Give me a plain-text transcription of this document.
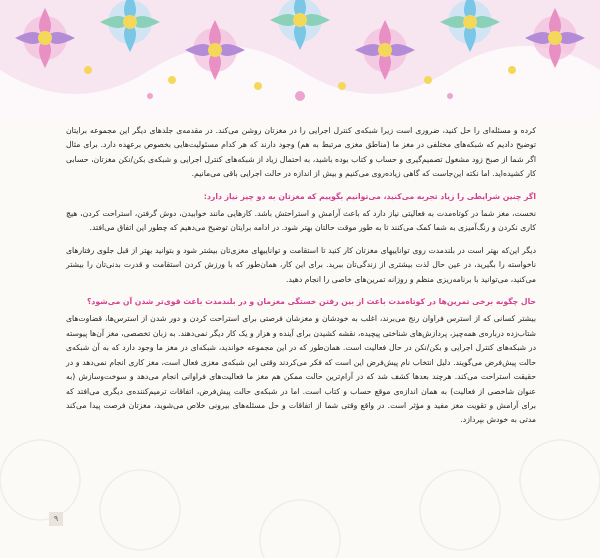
کرده و مسئله‌ای را حل کنید، ضروری است زیرا شبکه‌ی کنترل اجرایی را در مغزتان روشن می‌کند. در مقدمه‌ی جلدهای دیگر این مجموعه برایتان توضیح دادیم که شبکه‌های مختلفی در مغز ما (مناطق مغزی مرتبط به هم) وجود دارند که هر کدام مسئولیت‌هایی بخصوص برعهده دارد. برای مثال اگر شما از صبح زود مشغول تصمیم‌گیری و حساب و کتاب بوده باشید، به احتمال زیاد از شبکه‌های کنترل اجرایی و شبکه‌ی بکن/نکن مغزتان، حسابی کار کشیده‌اید. اما نکته این‌جاست که گاهی زیاده‌روی می‌کنیم و بیش از اندازه در حالت اجرایی باقی می‌مانیم.

اگر چنین شرایطی را زیاد تجربه می‌کنید، می‌توانیم بگوییم که مغزتان به دو چیز نیاز دارد:

نخست، مغز شما در کوتاه‌مدت به فعالیتی نیاز دارد که باعث آرامش و استراحتش باشد. کارهایی مانند خوابیدن، دوش گرفتن، استراحت کردن، هیچ کاری نکردن و رنگ‌آمیزی به شما کمک می‌کنند تا به طور موقت حالتان بهتر شود. در ادامه برایتان توضیح می‌دهیم که چطور این اتفاق می‌افتد.

دیگر این‌که بهتر است در بلندمدت روی تواناییهای مغزتان کار کنید تا استقامت و تواناییهای مغزی‌تان بیشتر شود و بتوانید بهتر از قبل جلوی رفتارهای ناخواسته را بگیرید، در عین حال لذت بیشتری از زندگی‌تان ببرید. برای این کار، همان‌طور که با ورزش کردن استقامت و قدرت بدنی‌تان را بیشتر می‌کنید، می‌توانید با برنامه‌ریزی منظم و روزانه تمرین‌های خاصی را انجام دهید.

حال چگونه برخی تمرین‌ها در کوتاه‌مدت باعث از بین رفتن خستگی مغزمان و در بلندمدت باعث قوی‌تر شدن آن می‌شود؟

بیشتر کسانی که از استرس فراوان رنج می‌برند، اغلب به خودشان و مغزشان فرصتی برای استراحت کردن و دور شدن از استرس‌ها، قضاوت‌های شتاب‌زده درباره‌ی همه‌چیز، پردازش‌های شناختی پیچیده، نقشه کشیدن برای آینده و هزار و یک کار دیگر نمی‌دهند. به زبان تخصصی، مغز آن‌ها پیوسته در شبکه‌های کنترل اجرایی و بکن/نکن در حال فعالیت است. همان‌طور که در این مجموعه خواندید، شبکه‌ای در مغز ما وجود دارد که به آن شبکه‌ی حالت پیش‌فرض می‌گویند. دلیل انتخاب نام پیش‌فرض این است که فکر می‌کردند وقتی این شبکه‌ی مغزی فعال است، مغز کاری انجام نمی‌دهد و در حقیقت استراحت می‌کند. هرچند بعدها کشف شد که در آرام‌ترین حالت ممکن هم مغز ما فعالیت‌های فراوانی انجام می‌دهد و سوخت‌وسازش (به عنوان شاخصی از فعالیت) به همان اندازه‌ی موقع حساب و کتاب است. اما در شبکه‌ی حالت پیش‌فرض، اتفاقات ترمیم‌کننده‌ی دیگری می‌افتد که برای آرامش و تقویت مغز مفید و مؤثر است. در واقع وقتی شما از اتفاقات و حل مسئله‌های بیرونی خلاص می‌شوید، مغزتان فرصت پیدا می‌کند مدتی به خودش بپردازد.

۹
